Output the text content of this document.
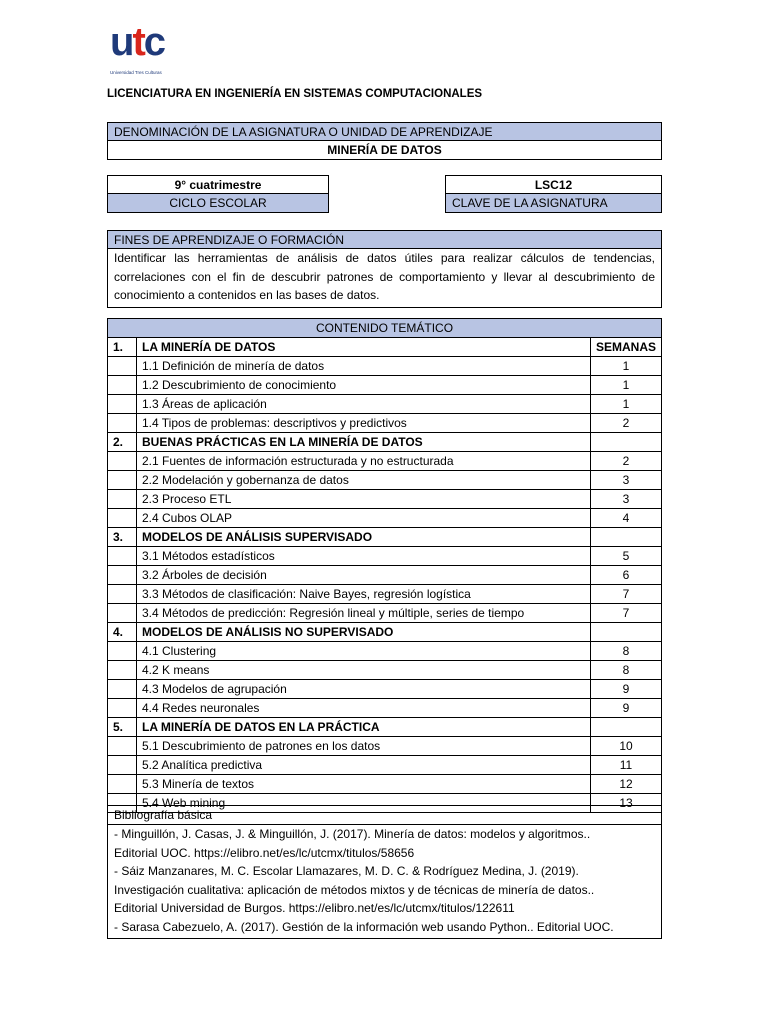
utc
Universidad Tres Culturas
LICENCIATURA EN INGENIERÍA EN SISTEMAS COMPUTACIONALES
DENOMINACIÓN DE LA ASIGNATURA O UNIDAD DE APRENDIZAJE
MINERÍA DE DATOS
9° cuatrimestre
CICLO ESCOLAR
LSC12
CLAVE DE LA ASIGNATURA
FINES DE APRENDIZAJE O FORMACIÓN
Identificar las herramientas de análisis de datos útiles para realizar cálculos de tendencias, correlaciones con el fin de descubrir patrones de comportamiento y llevar al descubrimiento de conocimiento a contenidos en las bases de datos.
CONTENIDO TEMÁTICO		
1.	LA MINERÍA DE DATOS	SEMANAS
	1.1 Definición de minería de datos	1
	1.2 Descubrimiento de conocimiento	1
	1.3 Áreas de aplicación	1
	1.4 Tipos de problemas: descriptivos y predictivos	2
2.	BUENAS PRÁCTICAS EN LA MINERÍA DE DATOS	
	2.1 Fuentes de información estructurada y no estructurada	2
	2.2 Modelación y gobernanza de datos	3
	2.3 Proceso ETL	3
	2.4 Cubos OLAP	4
3.	MODELOS DE ANÁLISIS SUPERVISADO	
	3.1 Métodos estadísticos	5
	3.2 Árboles de decisión	6
	3.3 Métodos de clasificación: Naive Bayes, regresión logística	7
	3.4 Métodos de predicción: Regresión lineal y múltiple, series de tiempo	7
4.	MODELOS DE ANÁLISIS NO SUPERVISADO	
	4.1 Clustering	8
	4.2 K means	8
	4.3 Modelos de agrupación	9
	4.4 Redes neuronales	9
5.	LA MINERÍA DE DATOS EN LA PRÁCTICA	
	5.1 Descubrimiento de patrones en los datos	10
	5.2 Analítica predictiva	11
	5.3 Minería de textos	12
	5.4 Web mining	13
Bibliografía básica
- Minguillón, J. Casas, J. & Minguillón, J. (2017). Minería de datos: modelos y algoritmos..
Editorial UOC. https://elibro.net/es/lc/utcmx/titulos/58656
- Sáiz Manzanares, M. C. Escolar Llamazares, M. D. C. & Rodríguez Medina, J. (2019).
Investigación cualitativa: aplicación de métodos mixtos y de técnicas de minería de datos..
Editorial Universidad de Burgos. https://elibro.net/es/lc/utcmx/titulos/122611
- Sarasa Cabezuelo, A. (2017). Gestión de la información web usando Python.. Editorial UOC.
